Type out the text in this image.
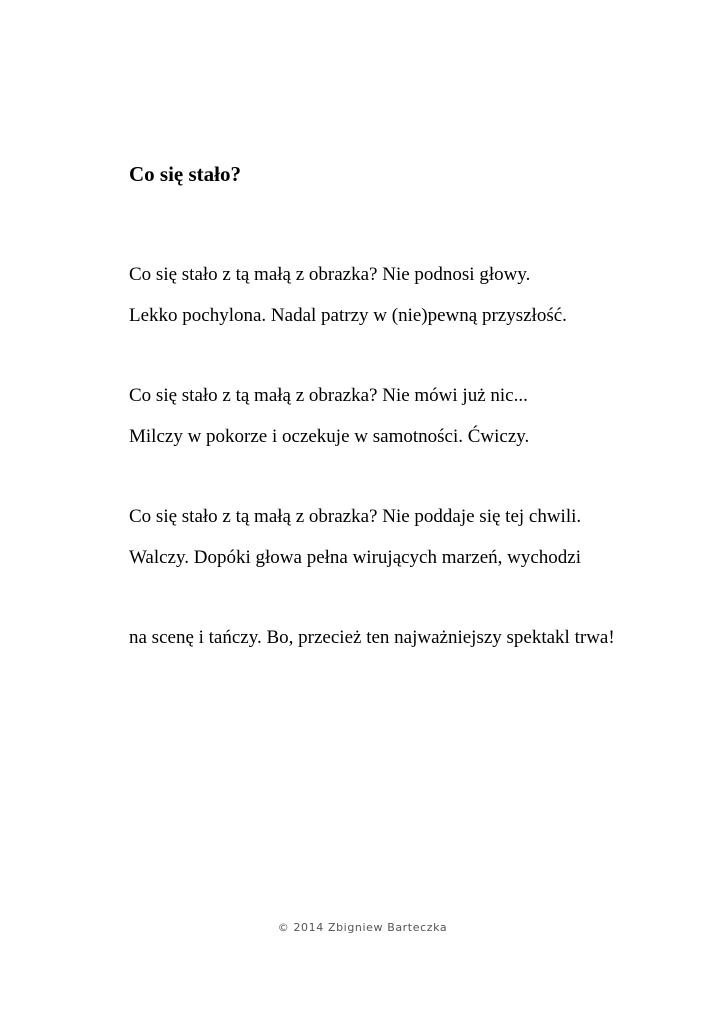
Co się stało?

Co się stało z tą małą z obrazka? Nie podnosi głowy.

Lekko pochylona. Nadal patrzy w (nie)pewną przyszłość.

Co się stało z tą małą z obrazka? Nie mówi już nic...

Milczy w pokorze i oczekuje w samotności. Ćwiczy.

Co się stało z tą małą z obrazka? Nie poddaje się tej chwili.

Walczy. Dopóki głowa pełna wirujących marzeń, wychodzi

na scenę i tańczy. Bo, przecież ten najważniejszy spektakl trwa!

© 2014 Zbigniew Barteczka
